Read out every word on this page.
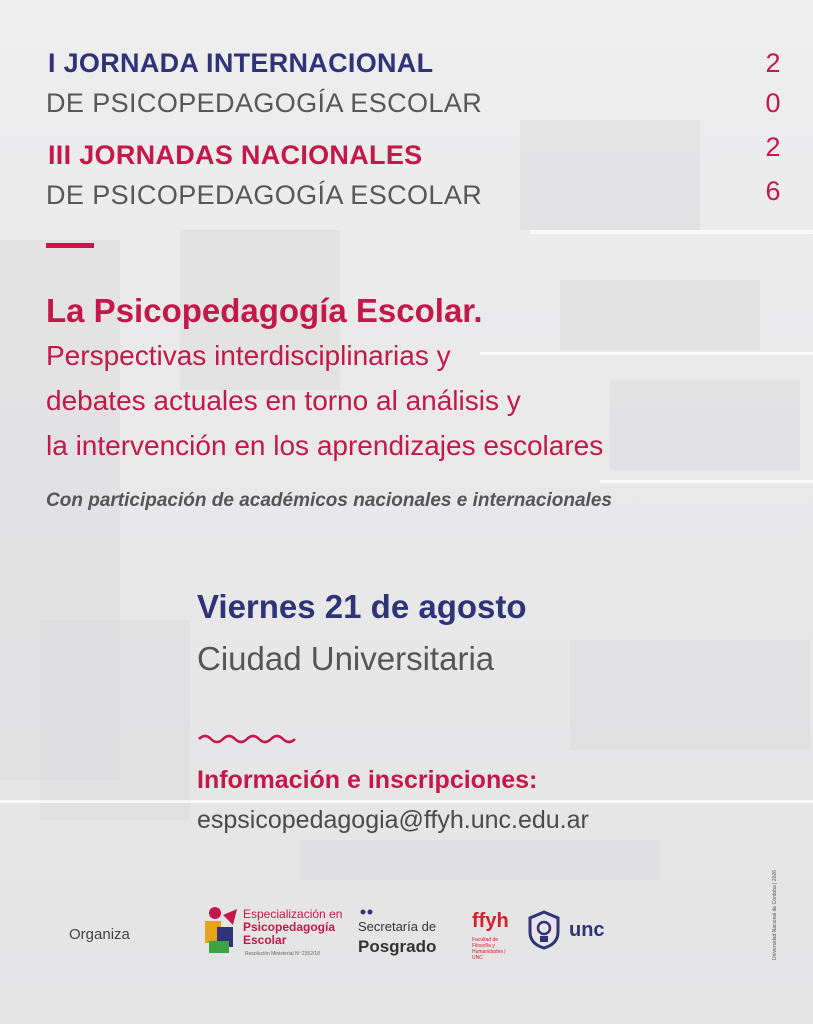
I JORNADA INTERNACIONAL
DE PSICOPEDAGOGÍA ESCOLAR
III JORNADAS NACIONALES
DE PSICOPEDAGOGÍA ESCOLAR
2
0
2
6
La Psicopedagogía Escolar.
Perspectivas interdisciplinarias y
debates actuales en torno al análisis y
la intervención en los aprendizajes escolares
Con participación de académicos nacionales e internacionales
Viernes 21 de agosto
Ciudad Universitaria
Información e inscripciones:
espsicopedagogia@ffyh.unc.edu.ar
Organiza
Especialización en
Psicopedagogía
Escolar
Resolución Ministerial Nº 2352/18
Secretaría de
Posgrado
ffyh
Facultad de Filosofía y Humanidades | UNC
unc	Universidad Nacional de Córdoba | 2026
